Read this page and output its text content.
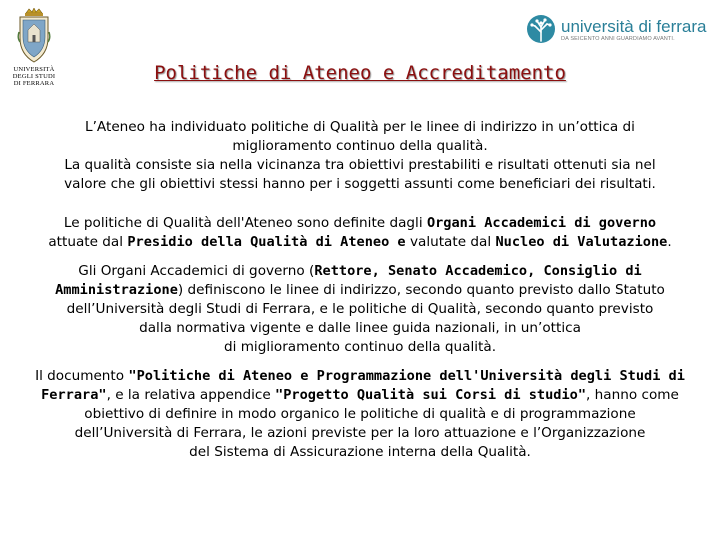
UNIVERSITÀ
DEGLI STUDI
DI FERRARA
università di ferrara
DA SEICENTO ANNI GUARDIAMO AVANTI.
Politiche di Ateneo e Accreditamento

L’Ateneo ha individuato politiche di Qualità per le linee di indirizzo in un’ottica di
miglioramento continuo della qualità.
La qualità consiste sia nella vicinanza tra obiettivi prestabiliti e risultati ottenuti sia nel
valore che gli obiettivi stessi hanno per i soggetti assunti come beneficiari dei risultati.

Le politiche di Qualità dell'Ateneo sono definite dagli Organi Accademici di governo
attuate dal Presidio della Qualità di Ateneo e valutate dal Nucleo di Valutazione.

Gli Organi Accademici di governo (Rettore, Senato Accademico, Consiglio di
Amministrazione) definiscono le linee di indirizzo, secondo quanto previsto dallo Statuto
dell’Università degli Studi di Ferrara, e le politiche di Qualità, secondo quanto previsto
dalla normativa vigente e dalle linee guida nazionali, in un’ottica
di miglioramento continuo della qualità.

Il documento "Politiche di Ateneo e Programmazione dell'Università degli Studi di
Ferrara", e la relativa appendice "Progetto Qualità sui Corsi di studio", hanno come
obiettivo di definire in modo organico le politiche di qualità e di programmazione
dell’Università di Ferrara, le azioni previste per la loro attuazione e l’Organizzazione
del Sistema di Assicurazione interna della Qualità.
